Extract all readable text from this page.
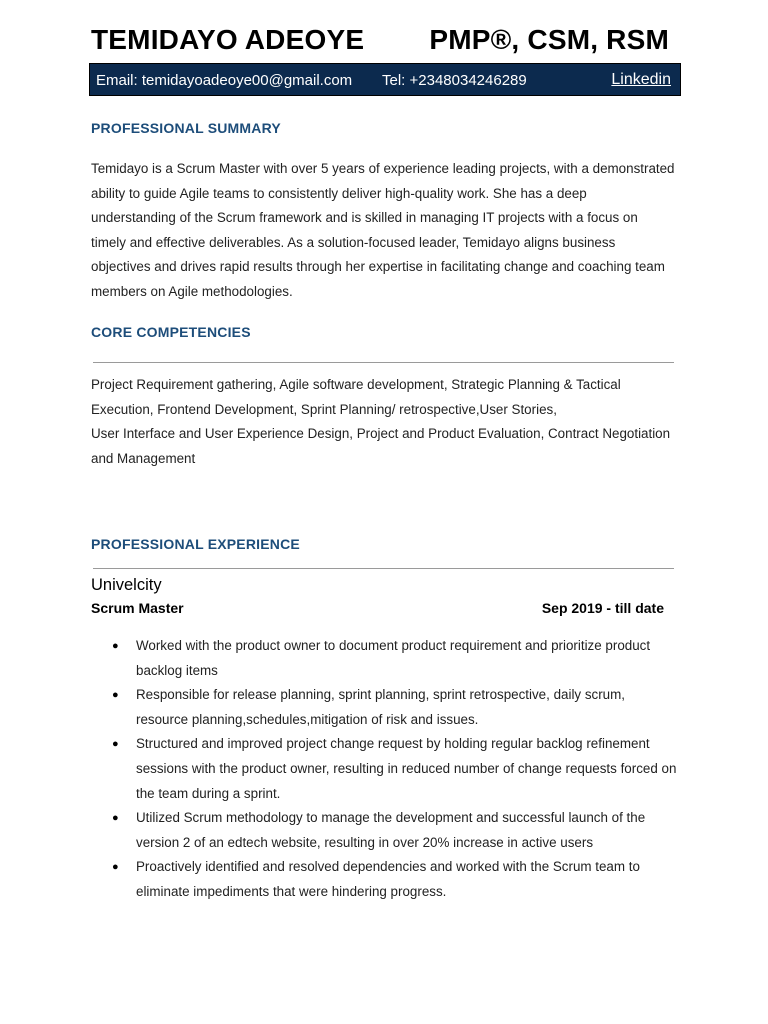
TEMIDAYO ADEOYE PMP®, CSM, RSM
Email: temidayoadeoye00@gmail.com Tel: +2348034246289	Linkedin
PROFESSIONAL SUMMARY

Temidayo is a Scrum Master with over 5 years of experience leading projects, with a demonstrated ability to guide Agile teams to consistently deliver high-quality work. She has a deep understanding of the Scrum framework and is skilled in managing IT projects with a focus on timely and effective deliverables. As a solution-focused leader, Temidayo aligns business objectives and drives rapid results through her expertise in facilitating change and coaching team members on Agile methodologies.

CORE COMPETENCIES

Project Requirement gathering, Agile software development, Strategic Planning & Tactical Execution, Frontend Development, Sprint Planning/ retrospective,User Stories,

User Interface and User Experience Design, Project and Product Evaluation, Contract Negotiation and Management

PROFESSIONAL EXPERIENCE
Univelcity
Scrum Master	Sep 2019 - till date
● Worked with the product owner to document product requirement and prioritize product backlog items
● Responsible for release planning, sprint planning, sprint retrospective, daily scrum, resource planning,schedules,mitigation of risk and issues.
● Structured and improved project change request by holding regular backlog refinement sessions with the product owner, resulting in reduced number of change requests forced on the team during a sprint.
● Utilized Scrum methodology to manage the development and successful launch of the version 2 of an edtech website, resulting in over 20% increase in active users
● Proactively identified and resolved dependencies and worked with the Scrum team to eliminate impediments that were hindering progress.
